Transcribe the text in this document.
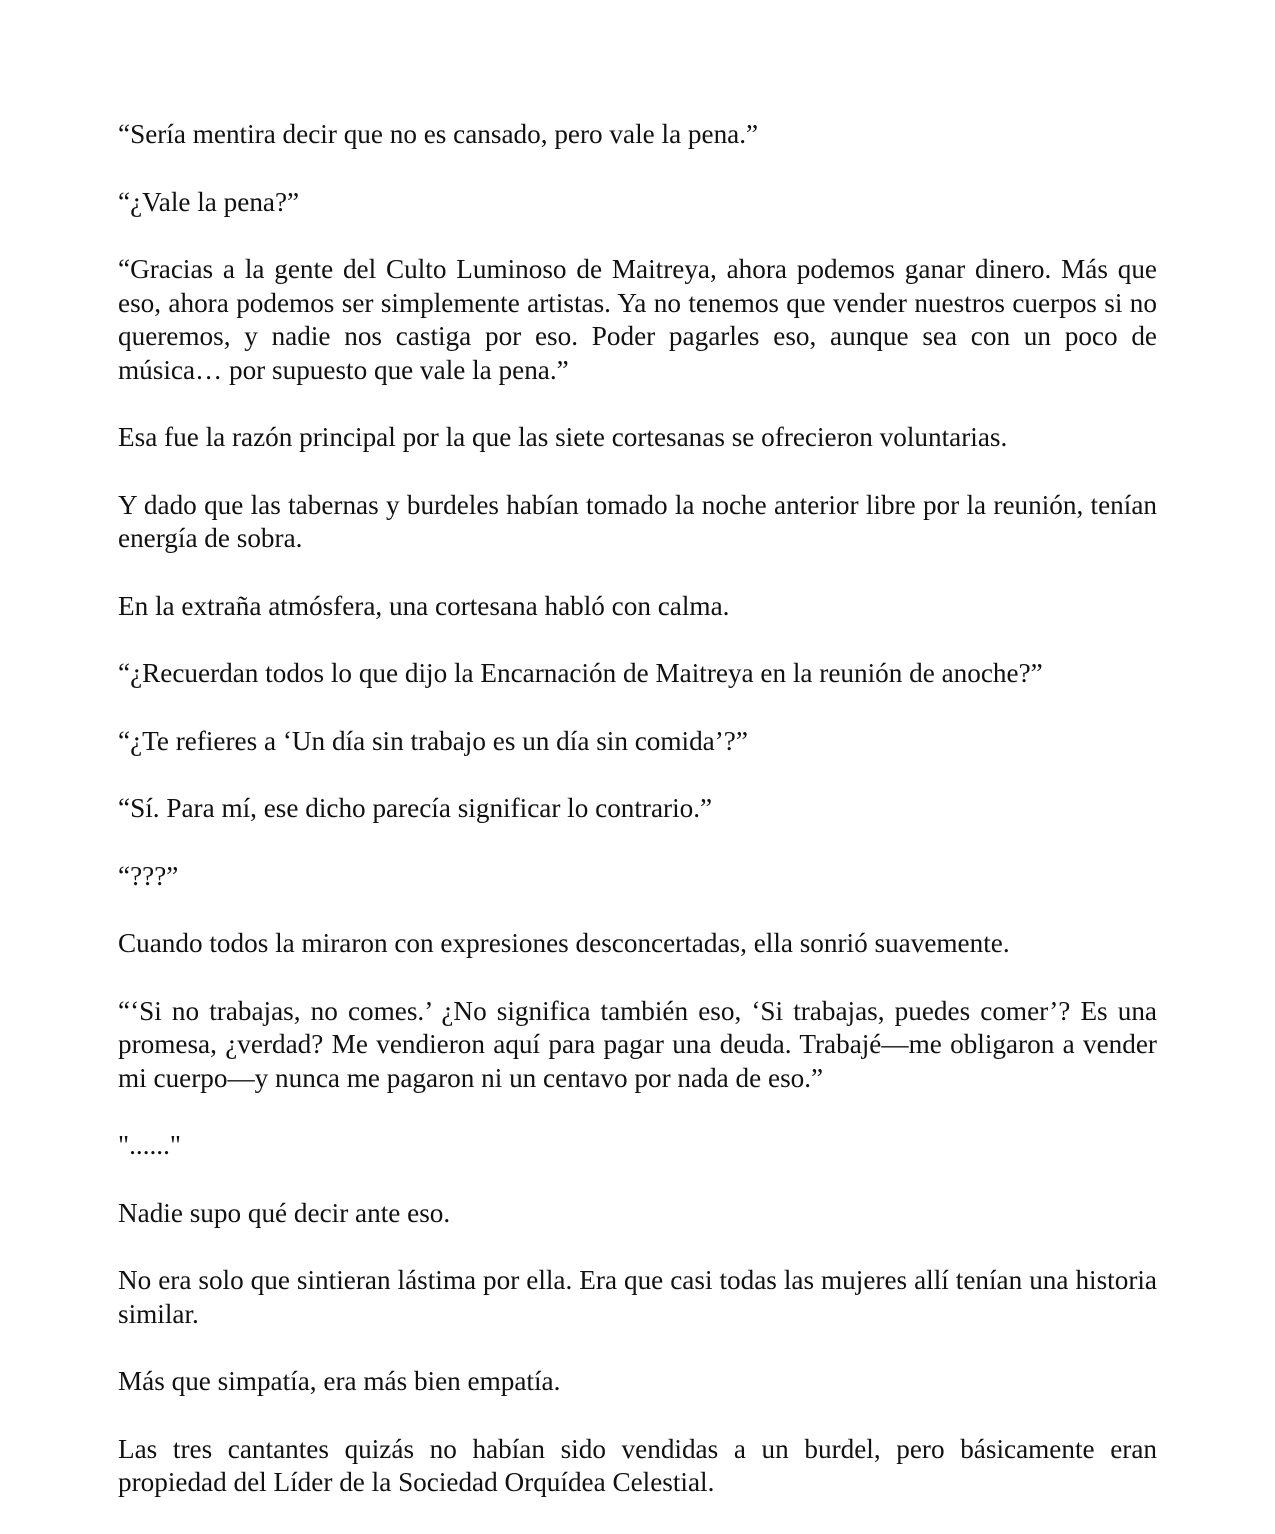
“Sería mentira decir que no es cansado, pero vale la pena.”

“¿Vale la pena?”

“Gracias a la gente del Culto Luminoso de Maitreya, ahora podemos ganar dinero. Más que eso, ahora podemos ser simplemente artistas. Ya no tenemos que vender nuestros cuerpos si no queremos, y nadie nos castiga por eso. Poder pagarles eso, aunque sea con un poco de música… por supuesto que vale la pena.”

Esa fue la razón principal por la que las siete cortesanas se ofrecieron voluntarias.

Y dado que las tabernas y burdeles habían tomado la noche anterior libre por la reunión, tenían energía de sobra.

En la extraña atmósfera, una cortesana habló con calma.

“¿Recuerdan todos lo que dijo la Encarnación de Maitreya en la reunión de anoche?”

“¿Te refieres a ‘Un día sin trabajo es un día sin comida’?”

“Sí. Para mí, ese dicho parecía significar lo contrario.”

“???”

Cuando todos la miraron con expresiones desconcertadas, ella sonrió suavemente.

“‘Si no trabajas, no comes.’ ¿No significa también eso, ‘Si trabajas, puedes comer’? Es una promesa, ¿verdad? Me vendieron aquí para pagar una deuda. Trabajé—me obligaron a vender mi cuerpo—y nunca me pagaron ni un centavo por nada de eso.”

"......"

Nadie supo qué decir ante eso.

No era solo que sintieran lástima por ella. Era que casi todas las mujeres allí tenían una historia similar.

Más que simpatía, era más bien empatía.

Las tres cantantes quizás no habían sido vendidas a un burdel, pero básicamente eran propiedad del Líder de la Sociedad Orquídea Celestial.
